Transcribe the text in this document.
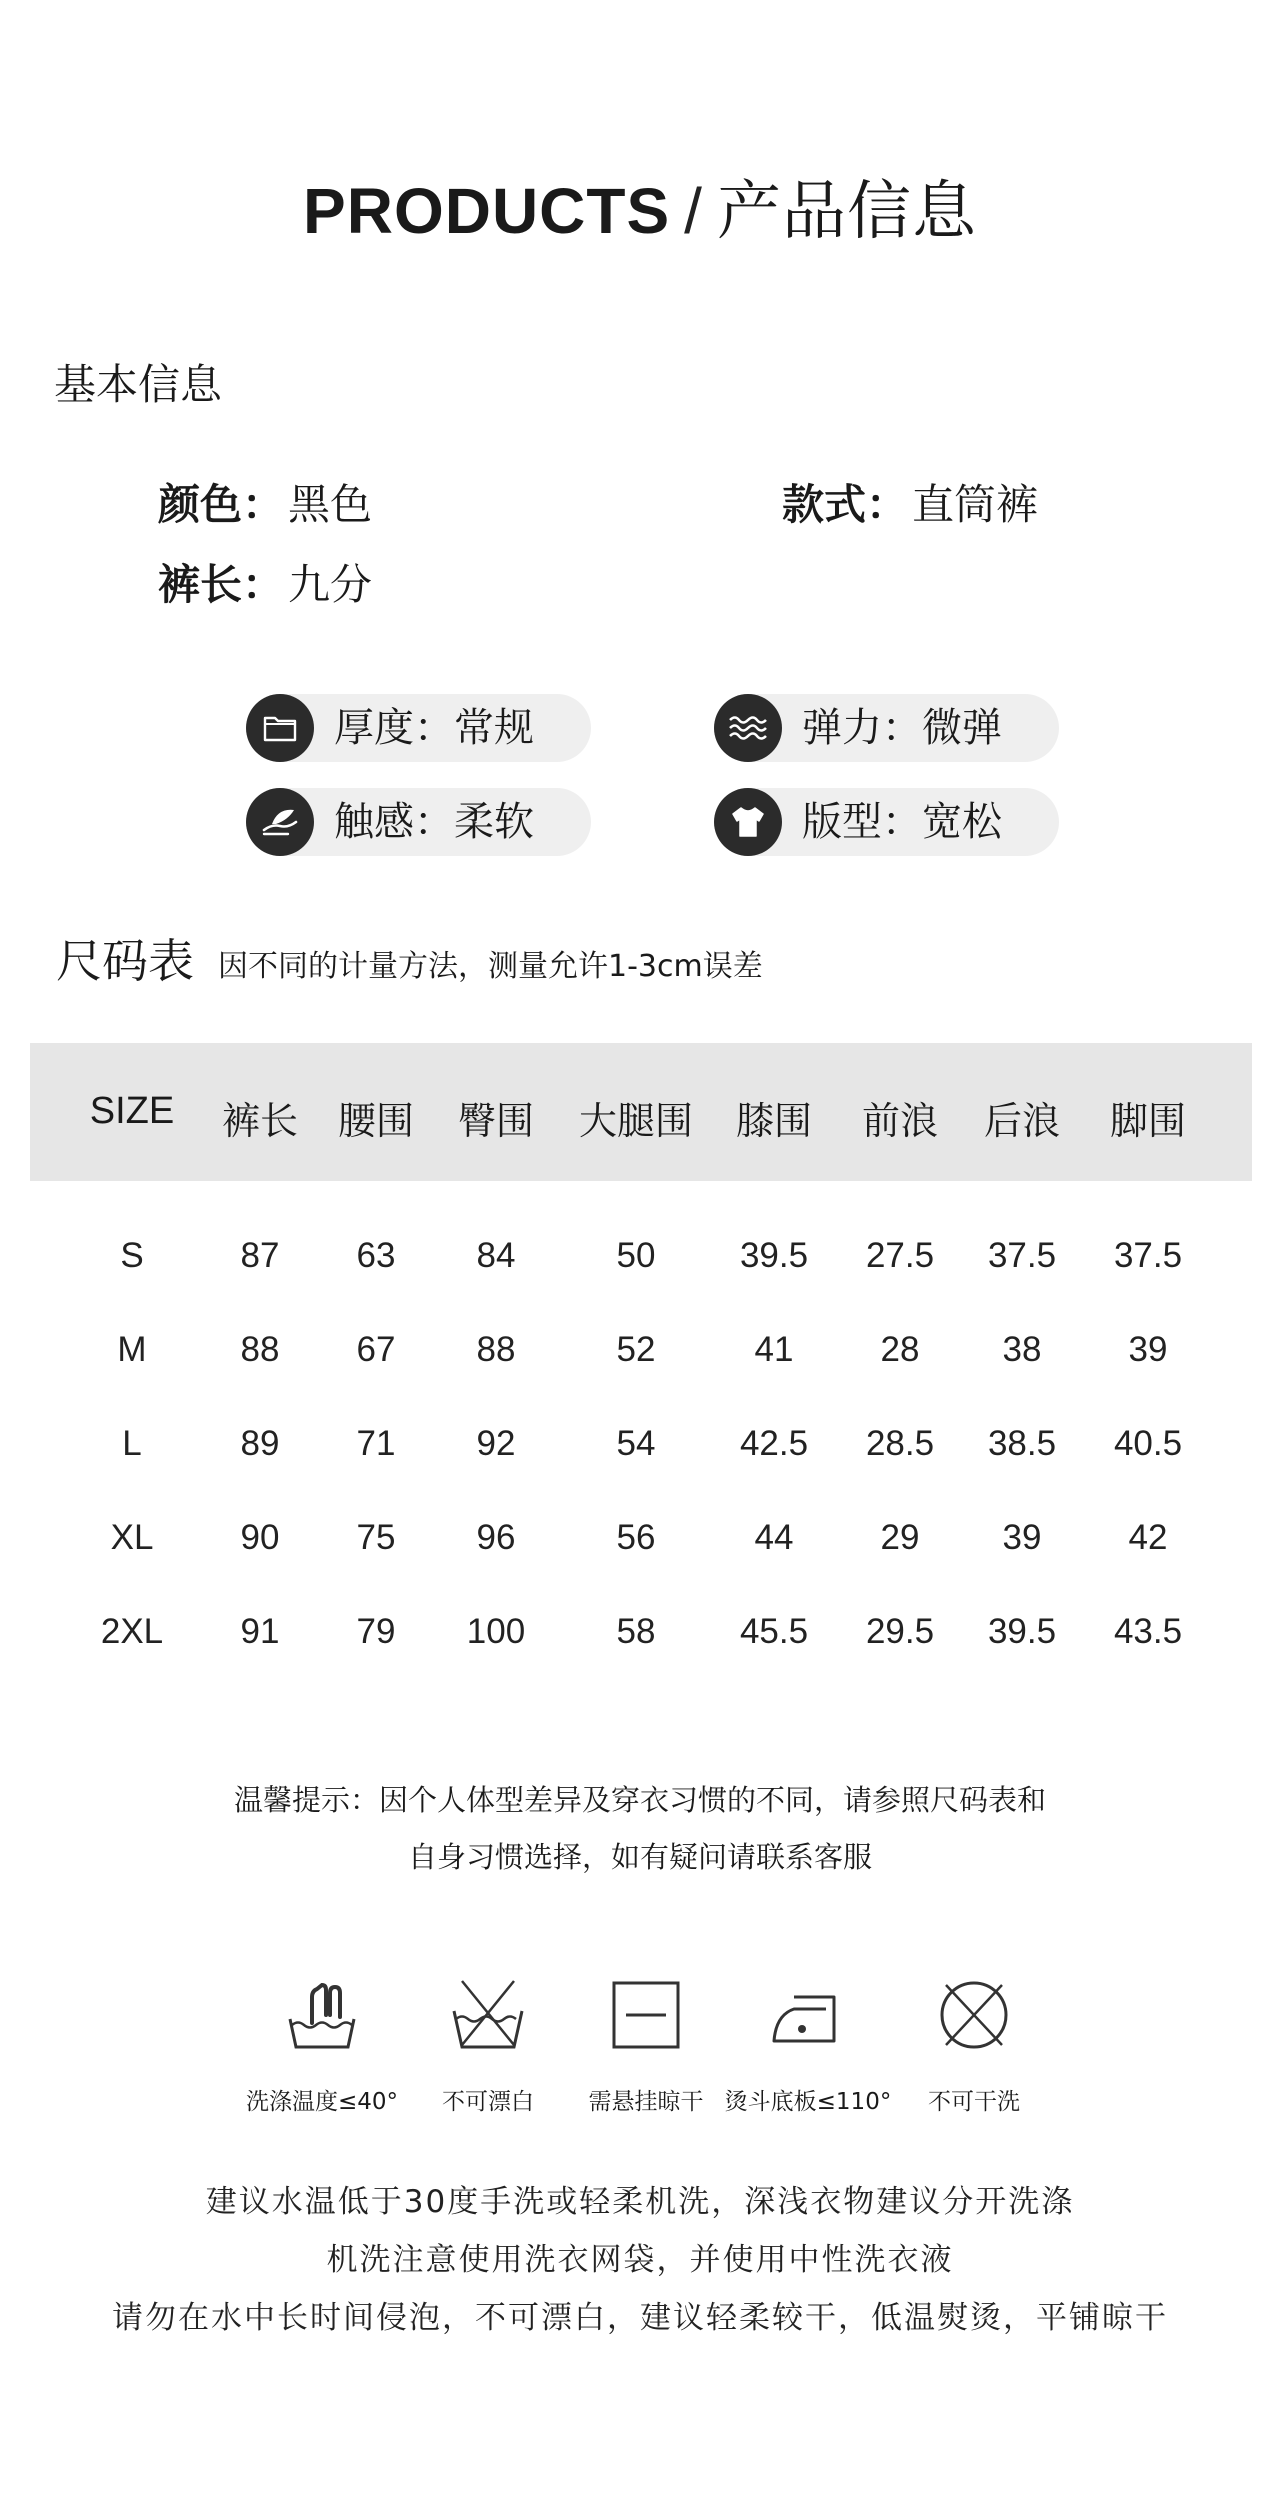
PRODUCTS / 产品信息
基本信息
颜色：黑色	款式：直筒裤
裤长：九分
厚度：常规	弹力：微弹
触感：柔软	版型：宽松
尺码表 因不同的计量方法，测量允许1-3cm误差
SIZE	裤长	腰围	臀围	大腿围	膝围	前浪	后浪	脚围
S	87	63	84	50	39.5	27.5	37.5	37.5
M	88	67	88	52	41	28	38	39
L	89	71	92	54	42.5	28.5	38.5	40.5
XL	90	75	96	56	44	29	39	42
2XL	91	79	100	58	45.5	29.5	39.5	43.5
温馨提示：因个人体型差异及穿衣习惯的不同，请参照尺码表和
自身习惯选择，如有疑问请联系客服
洗涤温度≤40°	不可漂白	需悬挂晾干 烫斗底板≤110°	不可干洗
建议水温低于30度手洗或轻柔机洗，深浅衣物建议分开洗涤
机洗注意使用洗衣网袋，并使用中性洗衣液
请勿在水中长时间侵泡，不可漂白，建议轻柔较干，低温熨烫，平铺晾干
